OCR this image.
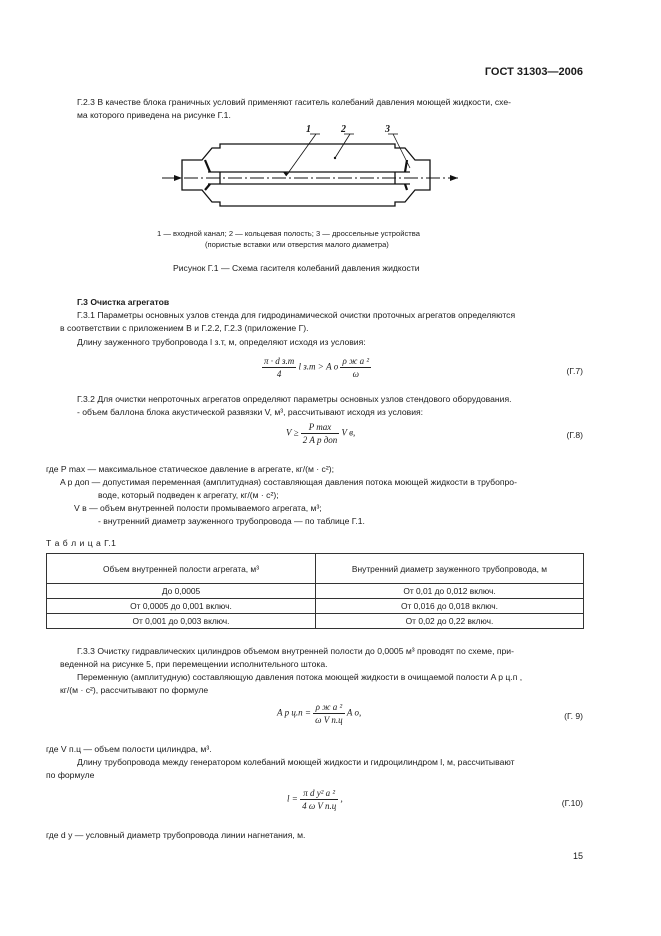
ГОСТ 31303—2006
Г.2.3 В качестве блока граничных условий применяют гаситель колебаний давления моющей жидкости, схе-
ма которого приведена на рисунке Г.1.
1	2	3
1 — входной канал; 2 — кольцевая полость; 3 — дроссельные устройства
(пористые вставки или отверстия малого диаметра)
Рисунок Г.1 — Схема гасителя колебаний давления жидкости
Г.3 Очистка агрегатов
Г.3.1 Параметры основных узлов стенда для гидродинамической очистки проточных агрегатов определяются
в соответствии с приложением В и Г.2.2, Г.2.3 (приложение Г).
Длину зауженного трубопровода l з.т, м, определяют исходя из условия:
$\frac{\text{π · d з.т}}{4}$ l з.т > A o $\frac{\text{ρ ж a ²}}{\omega}$	(Г.7)
Г.3.2 Для очистки непроточных агрегатов определяют параметры основных узлов стендового оборудования.
- объем баллона блока акустической развязки V, м³, рассчитывают исходя из условия:
$V \ge \frac{\text{P max}}{\text{2 A p доп}}$ V в,	(Г.8)
где P max — максимальное статическое давление в агрегате, кг/(м · с²);
A p доп — допустимая переменная (амплитудная) составляющая давления потока моющей жидкости в трубопро-
воде, который подведен к агрегату, кг/(м · с²);
V в — объем внутренней полости промываемого агрегата, м³;
- внутренний диаметр зауженного трубопровода — по таблице Г.1.
Т а б л и ц а Г.1
Объем внутренней полости агрегата, м³	Внутренний диаметр зауженного трубопровода, м
До 0,0005	От 0,01 до 0,012 включ.
От 0,0005 до 0,001 включ.	От 0,016 до 0,018 включ.
От 0,001 до 0,003 включ.	От 0,02 до 0,22 включ.
Г.3.3 Очистку гидравлических цилиндров объемом внутренней полости до 0,0005 м³ проводят по схеме, при-
веденной на рисунке 5, при перемещении исполнительного штока.
Переменную (амплитудную) составляющую давления потока моющей жидкости в очищаемой полости A p ц.п ,
кг/(м · с²), рассчитывают по формуле
A p $ц.п = \frac{\text{ρ ж a ²}}{\text{ω V п.ц}}$ A o,	(Г. 9)
где V п.ц — объем полости цилиндра, м³.
Длину трубопровода между генератором колебаний моющей жидкости и гидроцилиндром l, м, рассчитывают
по формуле
$l = \frac{\text{π d у² a ²}}{\text{4 ω V п.ц}}$ ,	(Г.10)
где d у — условный диаметр трубопровода линии нагнетания, м.
15
